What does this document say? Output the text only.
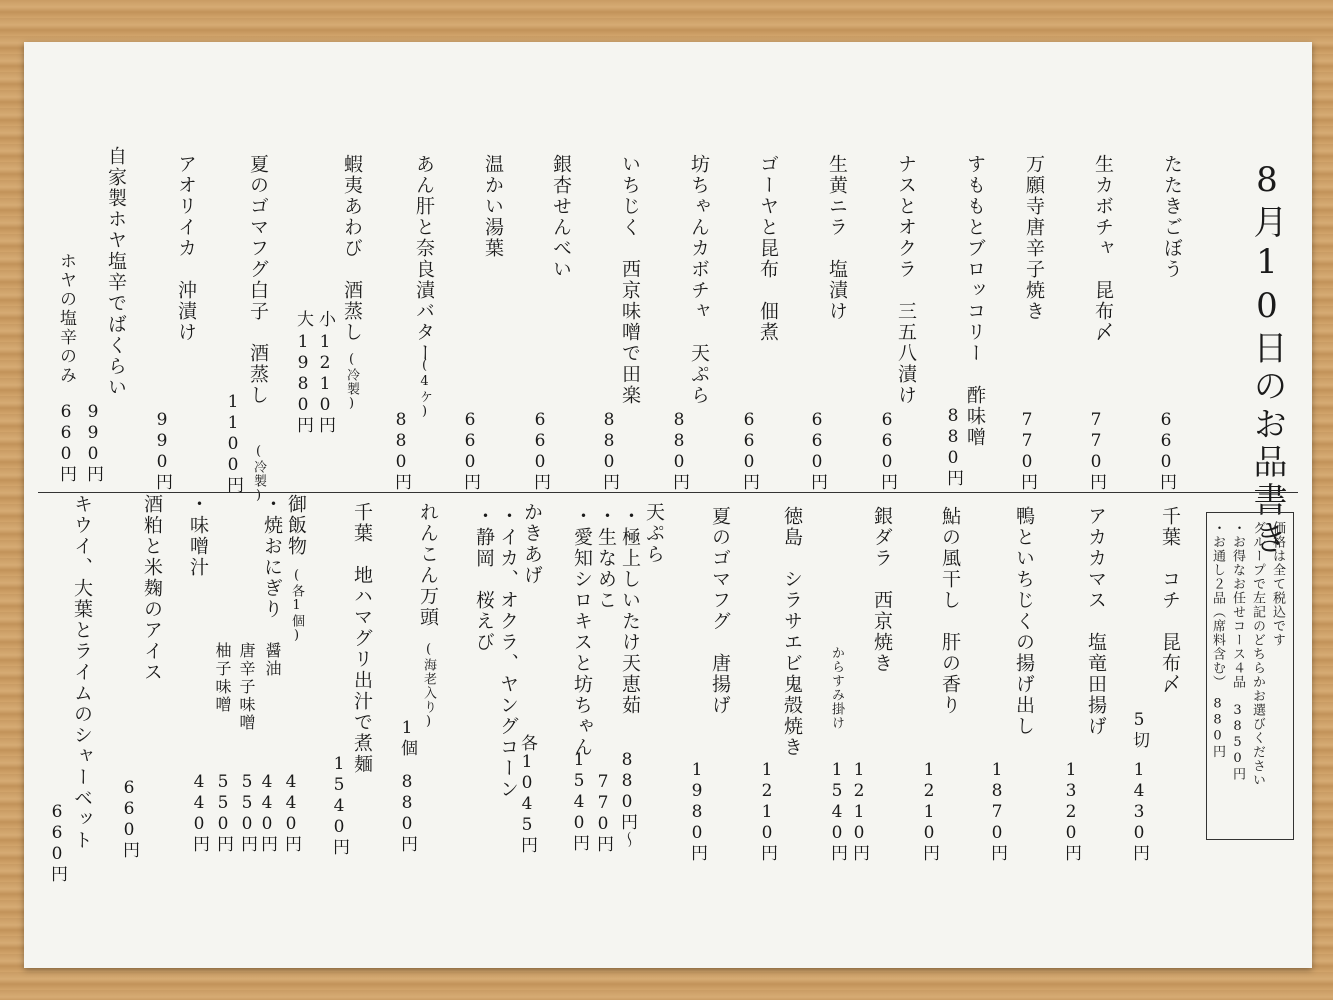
8月10日のお品書き
たたきごぼう
660円
生カボチャ　昆布〆
770円
万願寺唐辛子焼き
770円
すももとブロッコリー　酢味噌
880円
ナスとオクラ　三五八漬け
660円
生黄ニラ　塩漬け
660円
ゴーヤと昆布　佃煮
660円
坊ちゃんカボチャ　天ぷら
880円
いちじく　西京味噌で田楽
880円
銀杏せんべい
660円
温かい湯葉
660円
あん肝と奈良漬バター
(4ケ)
880円
蝦夷あわび　酒蒸し
(冷製)
小
1210円
大
1980円
夏のゴマフグ白子　酒蒸し
(冷製)
1100円
アオリイカ　沖漬け
990円
自家製ホヤ塩辛でばくらい
990円
ホヤの塩辛のみ
660円
価格は全て税込です
グループで左記のどちらかお選びください
・お得なお任せコース４品　3850円
・お通し２品（席料含む）　880円
千葉　コチ　昆布〆
5切
1430円
アカカマス　塩竜田揚げ
1320円
鴨といちじくの揚げ出し
1870円
鮎の風干し　肝の香り
1210円
銀ダラ　西京焼き
1210円
からすみ掛け
1540円
徳島　シラサエビ鬼殻焼き
1210円
夏のゴマフグ　唐揚げ
1980円
天ぷら
・極上しいたけ天恵茹
880円～
・生なめこ
770円
・愛知シロキスと坊ちゃん
1540円
かきあげ
・イカ、オクラ、ヤングコーン
各1045円
・静岡　桜えび
れんこん万頭
(海老入り)
1個
880円
千葉　地ハマグリ出汁で煮麺
1540円
御飯物
(各1個)
440円
・焼おにぎり
醤油
440円
唐辛子味噌
550円
柚子味噌
550円
・味噌汁
440円
酒粕と米麹のアイス
660円
キウイ、大葉とライムのシャーベット
660円
